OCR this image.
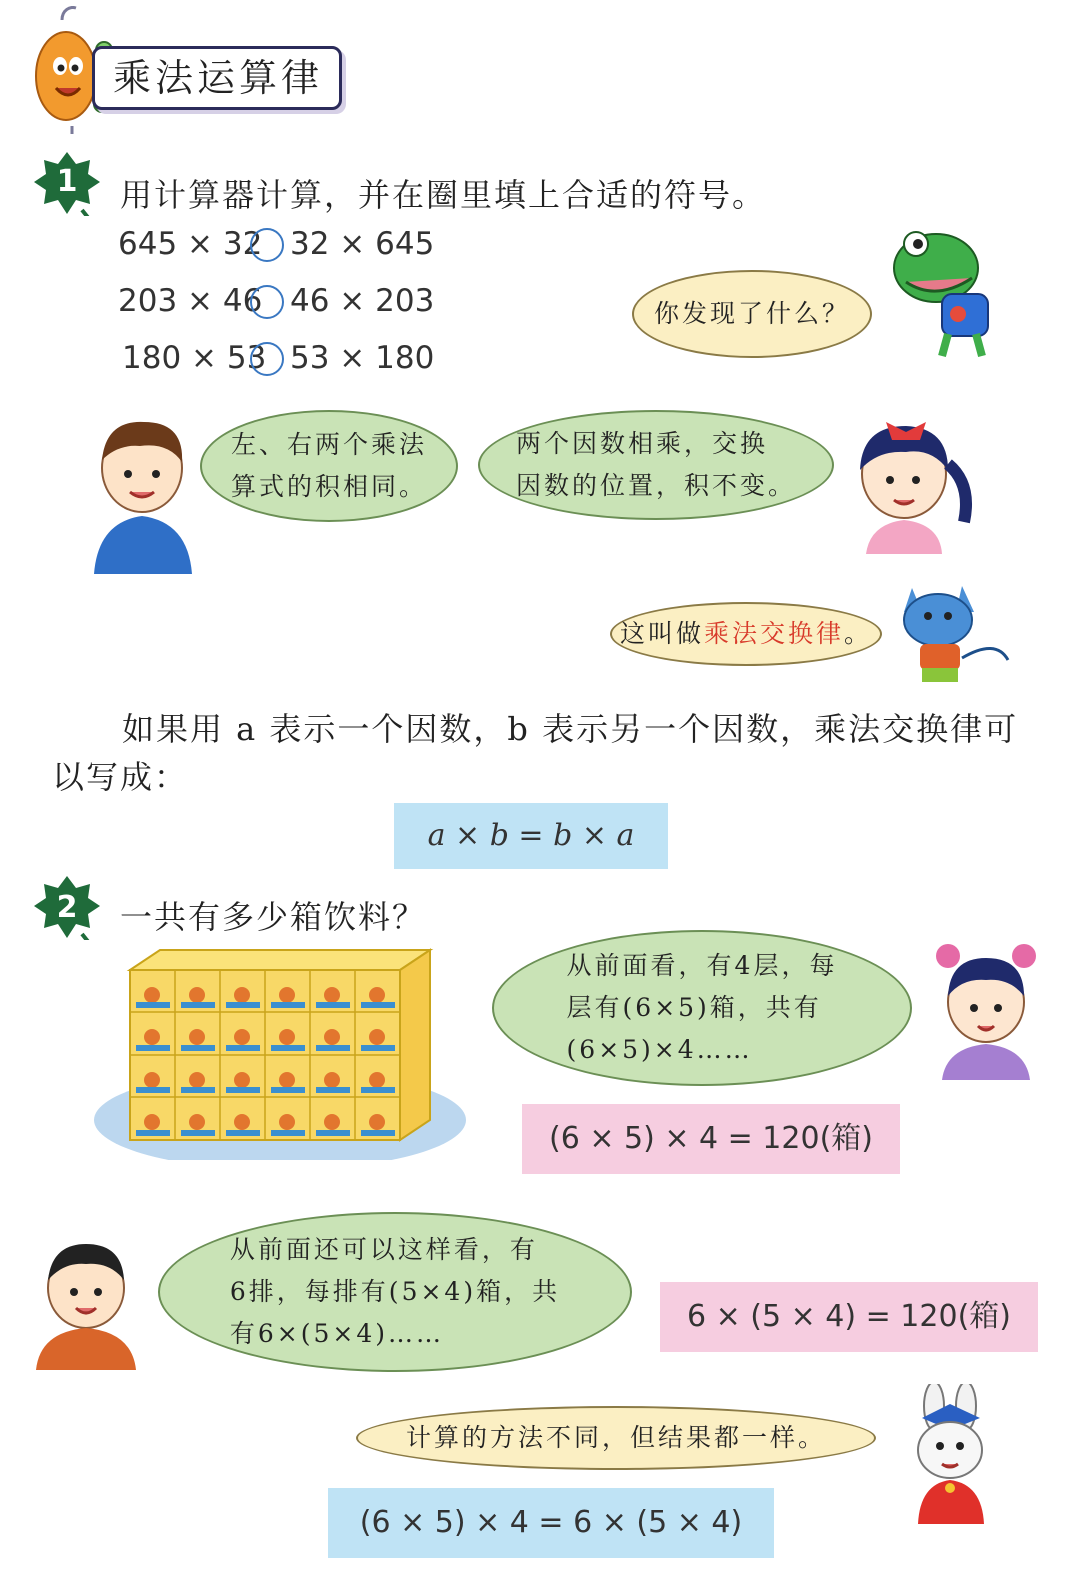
乘法运算律
1	用计算器计算，并在圈里填上合适的符号。
645 × 32 32 × 645
203 × 46 46 × 203
180 × 53 53 × 180
你发现了什么？
左、右两个乘法
算式的积相同。
两个因数相乘，交换
因数的位置，积不变。
这叫做乘法交换律。
如果用 a 表示一个因数，b 表示另一个因数，乘法交换律可
以写成：
a × b = b × a
2	一共有多少箱饮料？
从前面看，有4层，每
层有(6×5)箱，共有
(6×5)×4……
(6 × 5) × 4 = 120(箱)
从前面还可以这样看，有
6排，每排有(5×4)箱，共
有6×(5×4)……	6 × (5 × 4) = 120(箱)
计算的方法不同，但结果都一样。
(6 × 5) × 4 = 6 × (5 × 4)
